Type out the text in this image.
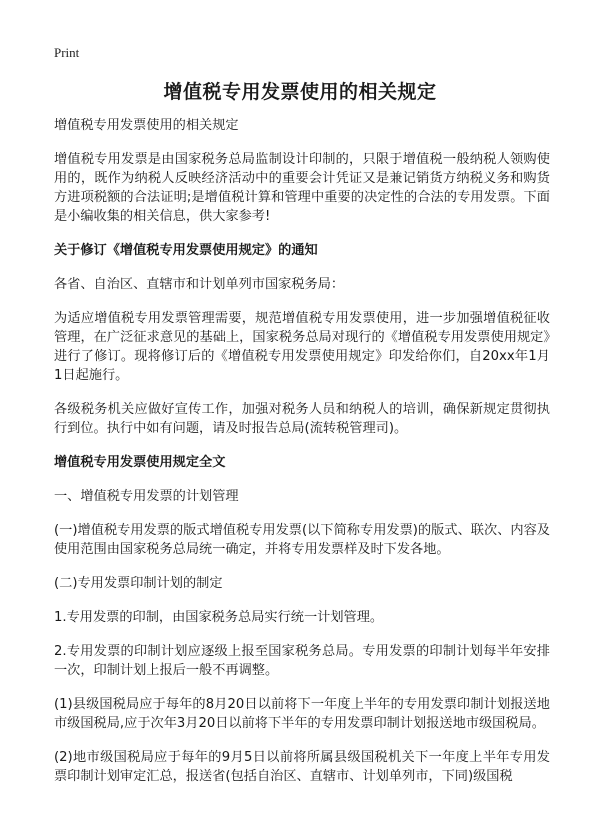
Print
增值税专用发票使用的相关规定

增值税专用发票使用的相关规定

增值税专用发票是由国家税务总局监制设计印制的，只限于增值税一般纳税人领购使用的，既作为纳税人反映经济活动中的重要会计凭证又是兼记销货方纳税义务和购货方进项税额的合法证明;是增值税计算和管理中重要的决定性的合法的专用发票。下面是小编收集的相关信息，供大家参考!

关于修订《增值税专用发票使用规定》的通知

各省、自治区、直辖市和计划单列市国家税务局：

为适应增值税专用发票管理需要，规范增值税专用发票使用，进一步加强增值税征收管理，在广泛征求意见的基础上，国家税务总局对现行的《增值税专用发票使用规定》进行了修订。现将修订后的《增值税专用发票使用规定》印发给你们，自20xx年1月1日起施行。

各级税务机关应做好宣传工作，加强对税务人员和纳税人的培训，确保新规定贯彻执行到位。执行中如有问题，请及时报告总局(流转税管理司)。

增值税专用发票使用规定全文

一、增值税专用发票的计划管理

(一)增值税专用发票的版式增值税专用发票(以下简称专用发票)的版式、联次、内容及使用范围由国家税务总局统一确定，并将专用发票样及时下发各地。

(二)专用发票印制计划的制定

1.专用发票的印制，由国家税务总局实行统一计划管理。

2.专用发票的印制计划应逐级上报至国家税务总局。专用发票的印制计划每半年安排一次，印制计划上报后一般不再调整。

(1)县级国税局应于每年的8月20日以前将下一年度上半年的专用发票印制计划报送地市级国税局,应于次年3月20日以前将下半年的专用发票印制计划报送地市级国税局。

(2)地市级国税局应于每年的9月5日以前将所属县级国税机关下一年度上半年专用发票印制计划审定汇总，报送省(包括自治区、直辖市、计划单列市，下同)级国税
